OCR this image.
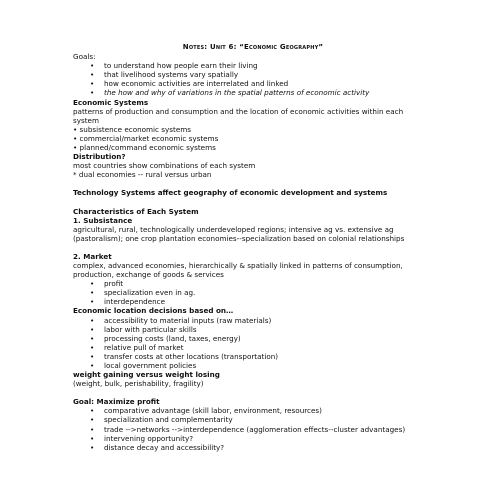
Notes: Unit 6: “Economic Geography”
Goals:
• to understand how people earn their living
• that livelihood systems vary spatially
• how economic activities are interrelated and linked
• the how and why of variations in the spatial patterns of economic activity
Economic Systems
patterns of production and consumption and the location of economic activities within each system
• subsistence economic systems
• commercial/market economic systems
• planned/command economic systems
Distribution?
most countries show combinations of each system
* dual economies -- rural versus urban
Technology Systems affect geography of economic development and systems
Characteristics of Each System
1. Subsistance
agricultural, rural, technologically underdeveloped regions; intensive ag vs. extensive ag (pastoralism); one crop plantation economies--specialization based on colonial relationships
2. Market
complex, advanced economies, hierarchically & spatially linked in patterns of consumption, production, exchange of goods & services
• profit
• specialization even in ag.
• interdependence
Economic location decisions based on…
• accessibility to material inputs (raw materials)
• labor with particular skills
• processing costs (land, taxes, energy)
• relative pull of market
• transfer costs at other locations (transportation)
• local government policies
weight gaining versus weight losing
(weight, bulk, perishability, fragility)
Goal: Maximize profit
• comparative advantage (skill labor, environment, resources)
• specialization and complementarity
• trade -->networks -->interdependence (agglomeration effects--cluster advantages)
• intervening opportunity?
• distance decay and accessibility?
